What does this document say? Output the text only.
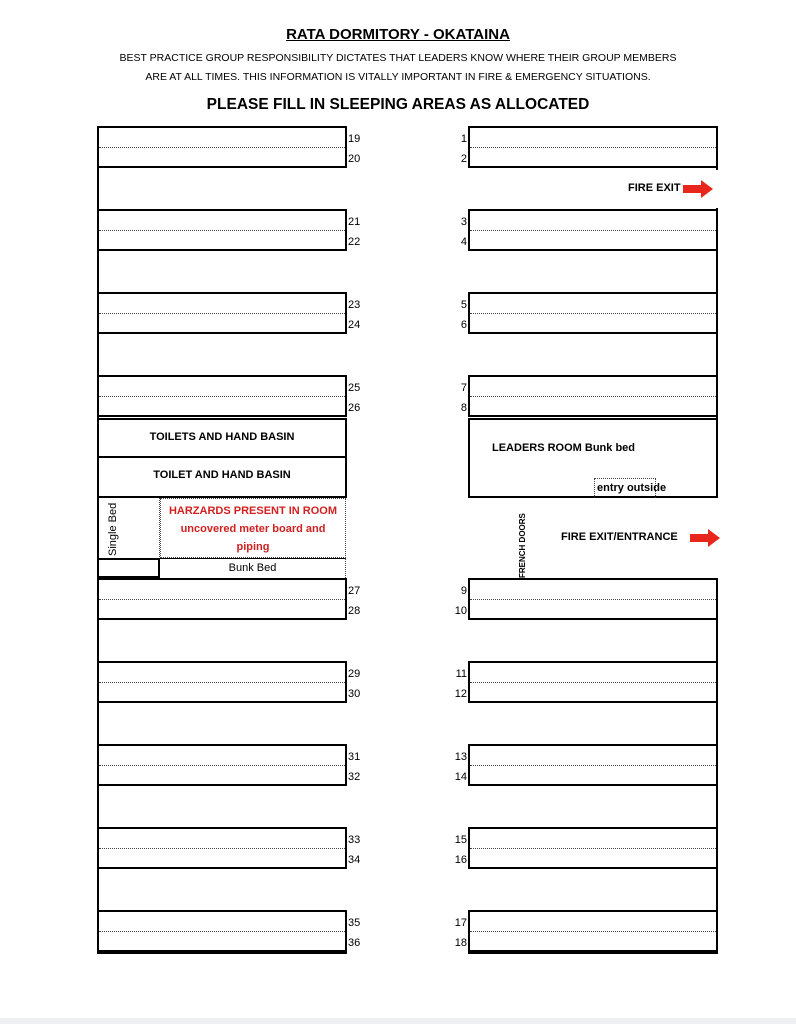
RATA DORMITORY - OKATAINA
BEST PRACTICE GROUP RESPONSIBILITY DICTATES THAT LEADERS KNOW WHERE THEIR GROUP MEMBERS
ARE AT ALL TIMES. THIS INFORMATION IS VITALLY IMPORTANT IN FIRE & EMERGENCY SITUATIONS.
PLEASE FILL IN SLEEPING AREAS AS ALLOCATED
TOILETS AND HAND BASIN
TOILET AND HAND BASIN
Single Bed	HARZARDS PRESENT IN ROOM
uncovered meter board and
piping
Bunk Bed
LEADERS ROOM Bunk bed
entry outside
FRENCH DOORS	FIRE EXIT/ENTRANCE
FIRE EXIT
19
20
21
22
23
24
25
26
27
28
29
30
31
32
33
34
35
36
1
2
3
4
5
6
7
8
9
10
11
12
13
14
15
16
17
18
